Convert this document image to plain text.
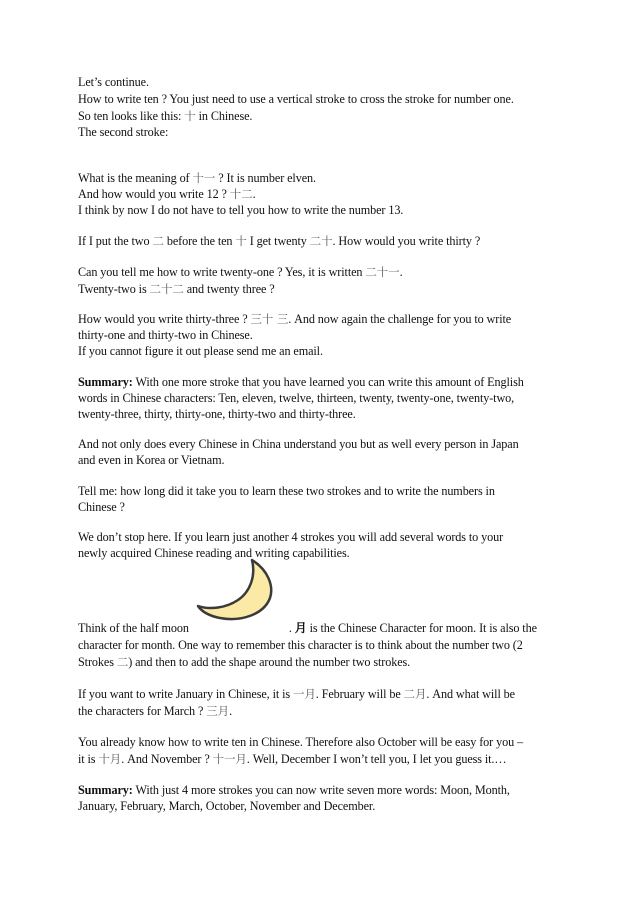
Let’s continue.
How to write ten ? You just need to use a vertical stroke to cross the stroke for number one.
So ten looks like this: 十 in Chinese.
The second stroke:
What is the meaning of 十一 ? It is number elven.
And how would you write 12 ? 十二.
I think by now I do not have to tell you how to write the number 13.
If I put the two 二 before the ten 十 I get twenty 二十. How would you write thirty ?
Can you tell me how to write twenty-one ? Yes, it is written 二十一.
Twenty-two is 二十二 and twenty three ?
How would you write thirty-three ? 三十 三. And now again the challenge for you to write
thirty-one and thirty-two in Chinese.
If you cannot figure it out please send me an email.
Summary: With one more stroke that you have learned you can write this amount of English
words in Chinese characters: Ten, eleven, twelve, thirteen, twenty, twenty-one, twenty-two,
twenty-three, thirty, thirty-one, thirty-two and thirty-three.
And not only does every Chinese in China understand you but as well every person in Japan
and even in Korea or Vietnam.
Tell me: how long did it take you to learn these two strokes and to write the numbers in
Chinese ?
We don’t stop here. If you learn just another 4 strokes you will add several words to your
newly acquired Chinese reading and writing capabilities.
Think of the half moon	. 月 is the Chinese Character for moon. It is also the
character for month. One way to remember this character is to think about the number two (2
Strokes 二) and then to add the shape around the number two strokes.
If you want to write January in Chinese, it is 一月. February will be 二月. And what will be
the characters for March ? 三月.
You already know how to write ten in Chinese. Therefore also October will be easy for you –
it is 十月. And November ? 十一月. Well, December I won’t tell you, I let you guess it.…
Summary: With just 4 more strokes you can now write seven more words: Moon, Month,
January, February, March, October, November and December.
